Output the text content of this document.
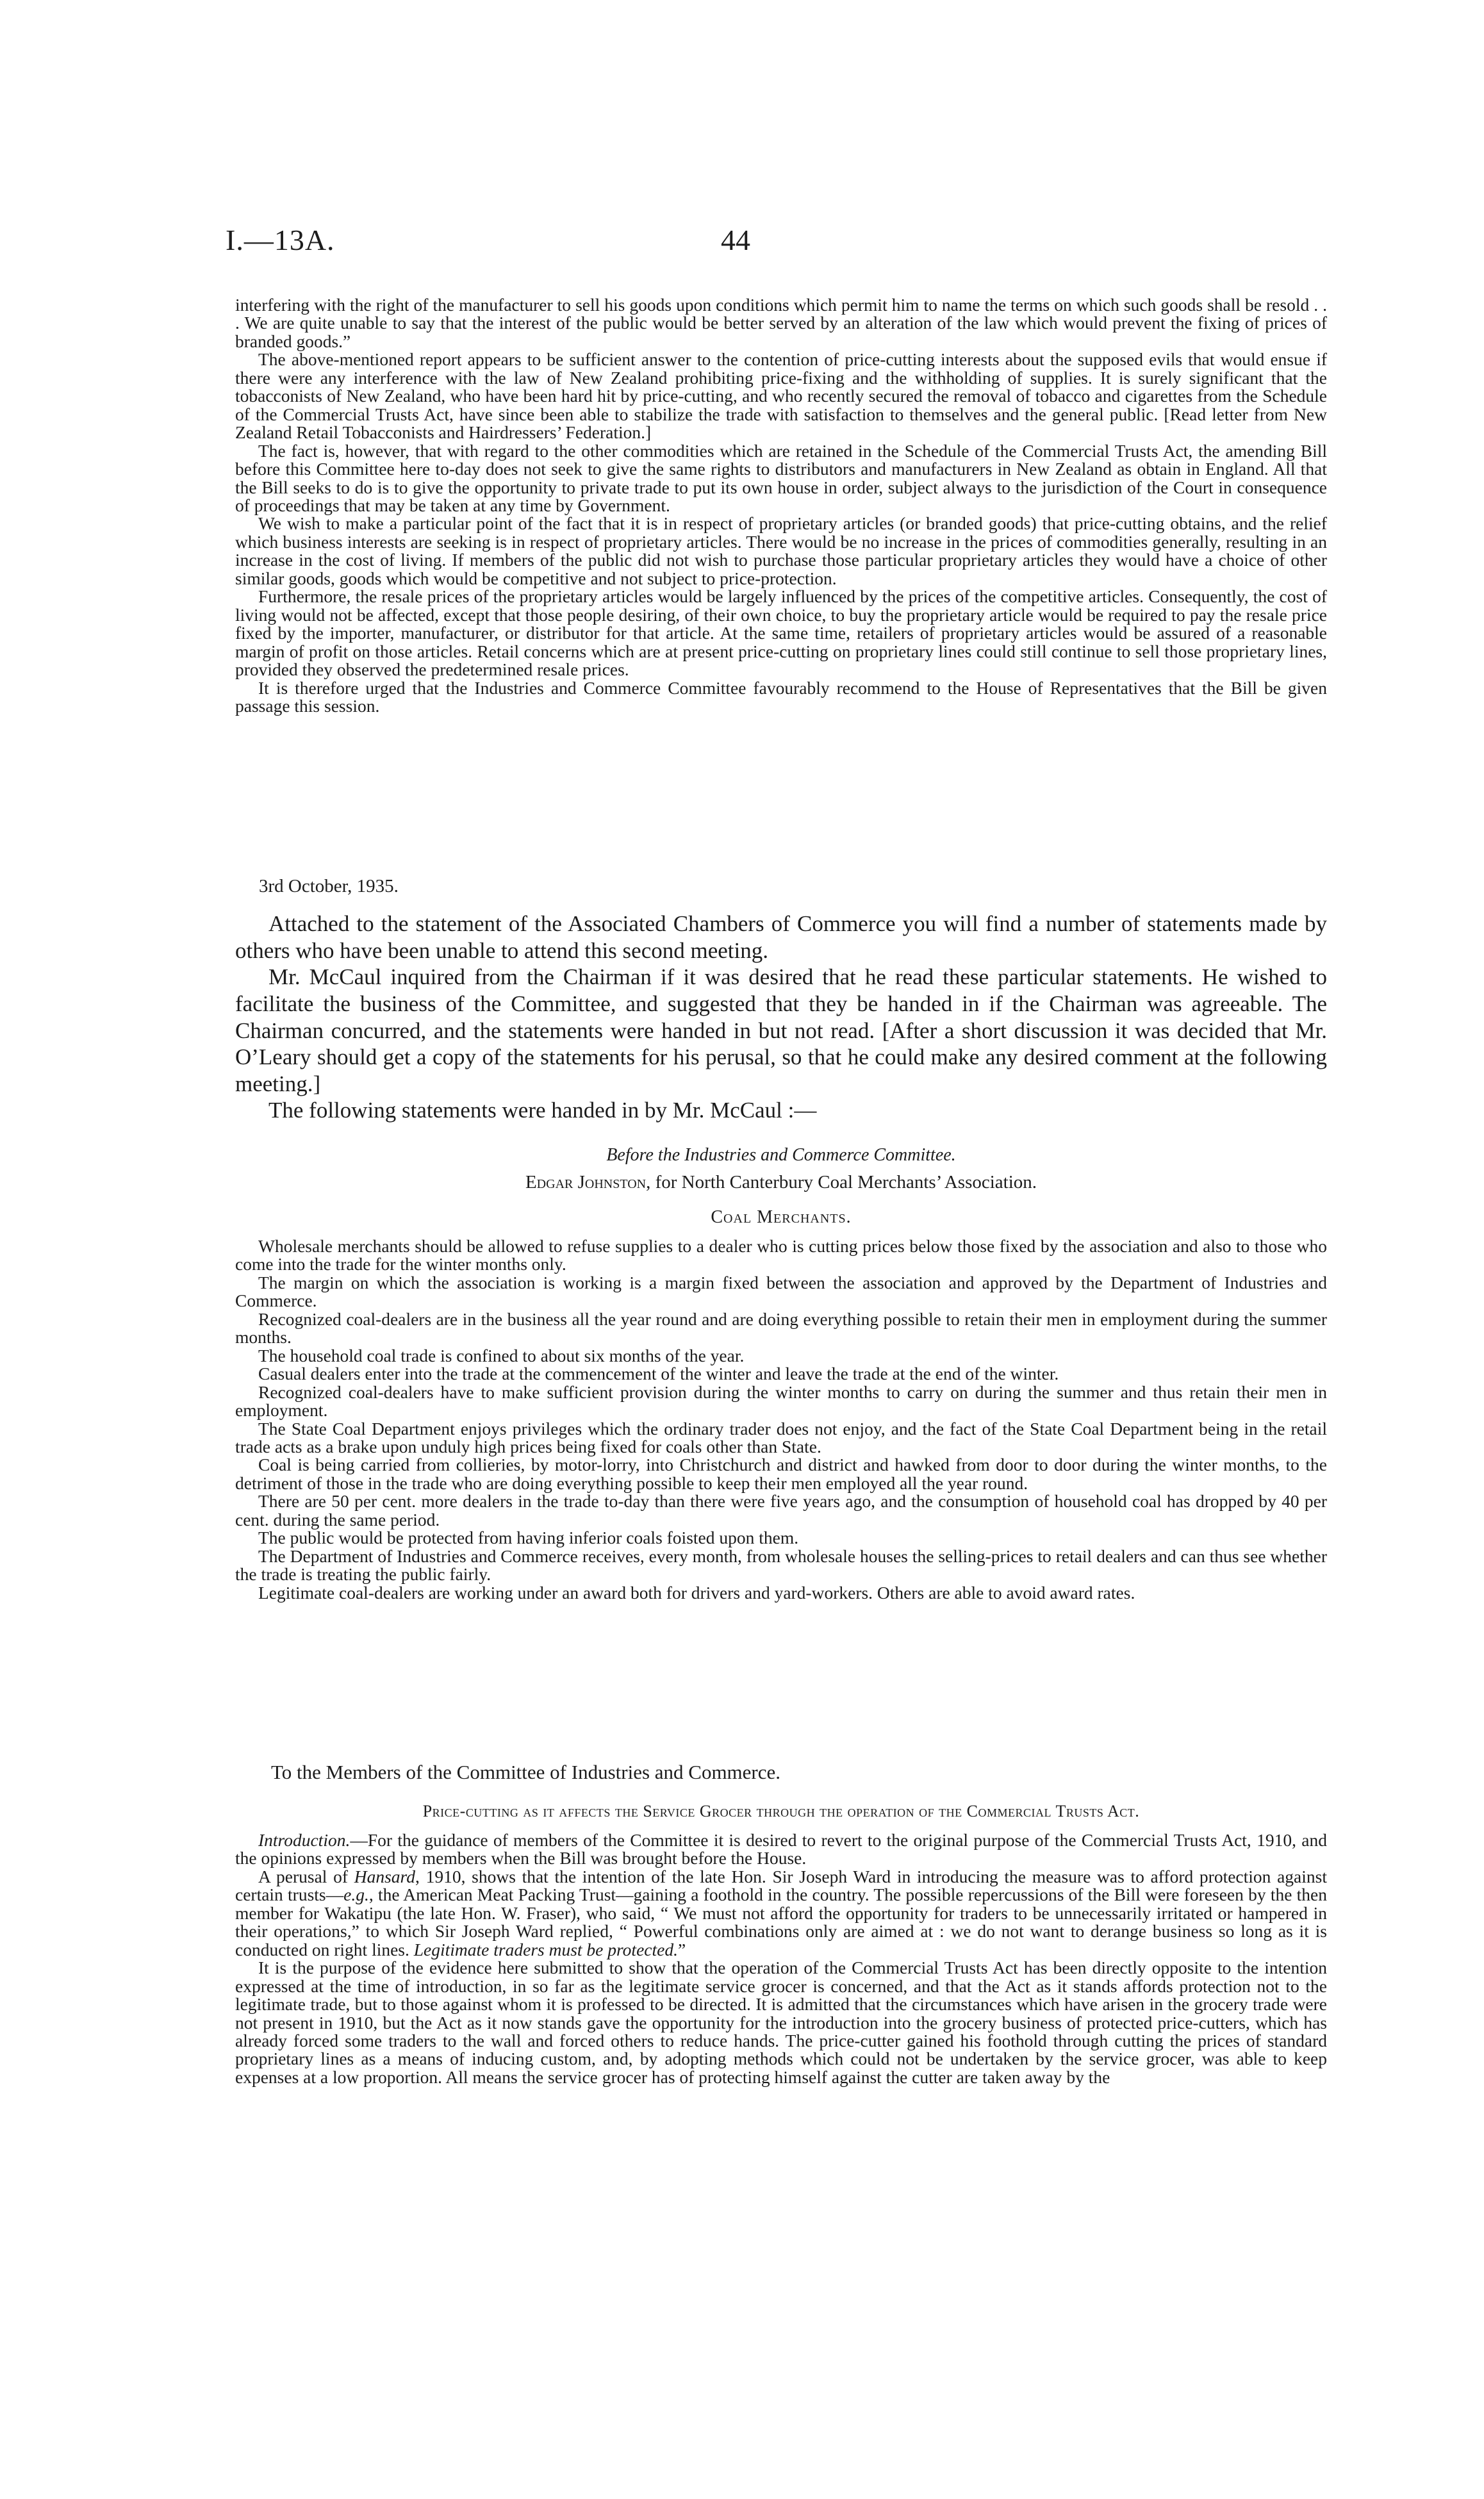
I.—13A.	44

interfering with the right of the manufacturer to sell his goods upon conditions which permit him to name the terms on which such goods shall be resold . . . We are quite unable to say that the interest of the public would be better served by an alteration of the law which would prevent the fixing of prices of branded goods.”

The above-mentioned report appears to be sufficient answer to the contention of price-cutting interests about the supposed evils that would ensue if there were any interference with the law of New Zealand prohibiting price-fixing and the withholding of supplies. It is surely significant that the tobacconists of New Zealand, who have been hard hit by price-cutting, and who recently secured the removal of tobacco and cigarettes from the Schedule of the Commercial Trusts Act, have since been able to stabilize the trade with satisfaction to themselves and the general public. [Read letter from New Zealand Retail Tobacconists and Hairdressers’ Federation.]

The fact is, however, that with regard to the other commodities which are retained in the Schedule of the Commercial Trusts Act, the amending Bill before this Committee here to-day does not seek to give the same rights to distributors and manufacturers in New Zealand as obtain in England. All that the Bill seeks to do is to give the opportunity to private trade to put its own house in order, subject always to the jurisdiction of the Court in consequence of proceedings that may be taken at any time by Government.

We wish to make a particular point of the fact that it is in respect of proprietary articles (or branded goods) that price-cutting obtains, and the relief which business interests are seeking is in respect of proprietary articles. There would be no increase in the prices of commodities generally, resulting in an increase in the cost of living. If members of the public did not wish to purchase those particular proprietary articles they would have a choice of other similar goods, goods which would be competitive and not subject to price-protection.

Furthermore, the resale prices of the proprietary articles would be largely influenced by the prices of the competitive articles. Consequently, the cost of living would not be affected, except that those people desiring, of their own choice, to buy the proprietary article would be required to pay the resale price fixed by the importer, manufacturer, or distributor for that article. At the same time, retailers of proprietary articles would be assured of a reasonable margin of profit on those articles. Retail concerns which are at present price-cutting on proprietary lines could still continue to sell those proprietary lines, provided they observed the predetermined resale prices.

It is therefore urged that the Industries and Commerce Committee favourably recommend to the House of Representatives that the Bill be given passage this session.

3rd October, 1935.

Attached to the statement of the Associated Chambers of Commerce you will find a number of statements made by others who have been unable to attend this second meeting.

Mr. McCaul inquired from the Chairman if it was desired that he read these particular statements. He wished to facilitate the business of the Committee, and suggested that they be handed in if the Chairman was agreeable. The Chairman concurred, and the statements were handed in but not read. [After a short discussion it was decided that Mr. O’Leary should get a copy of the statements for his perusal, so that he could make any desired comment at the following meeting.]

The following statements were handed in by Mr. McCaul :—

Before the Industries and Commerce Committee.
Edgar Johnston, for North Canterbury Coal Merchants’ Association.
Coal Merchants.

Wholesale merchants should be allowed to refuse supplies to a dealer who is cutting prices below those fixed by the association and also to those who come into the trade for the winter months only.

The margin on which the association is working is a margin fixed between the association and approved by the Department of Industries and Commerce.

Recognized coal-dealers are in the business all the year round and are doing everything possible to retain their men in employment during the summer months.

The household coal trade is confined to about six months of the year.

Casual dealers enter into the trade at the commencement of the winter and leave the trade at the end of the winter.

Recognized coal-dealers have to make sufficient provision during the winter months to carry on during the summer and thus retain their men in employment.

The State Coal Department enjoys privileges which the ordinary trader does not enjoy, and the fact of the State Coal Department being in the retail trade acts as a brake upon unduly high prices being fixed for coals other than State.

Coal is being carried from collieries, by motor-lorry, into Christchurch and district and hawked from door to door during the winter months, to the detriment of those in the trade who are doing everything possible to keep their men employed all the year round.

There are 50 per cent. more dealers in the trade to-day than there were five years ago, and the consumption of household coal has dropped by 40 per cent. during the same period.

The public would be protected from having inferior coals foisted upon them.

The Department of Industries and Commerce receives, every month, from wholesale houses the selling-prices to retail dealers and can thus see whether the trade is treating the public fairly.

Legitimate coal-dealers are working under an award both for drivers and yard-workers. Others are able to avoid award rates.

To the Members of the Committee of Industries and Commerce.
Price-cutting as it affects the Service Grocer through the operation of the Commercial Trusts Act.

Introduction.—For the guidance of members of the Committee it is desired to revert to the original purpose of the Commercial Trusts Act, 1910, and the opinions expressed by members when the Bill was brought before the House.

A perusal of Hansard, 1910, shows that the intention of the late Hon. Sir Joseph Ward in introducing the measure was to afford protection against certain trusts—e.g., the American Meat Packing Trust—gaining a foothold in the country. The possible repercussions of the Bill were foreseen by the then member for Wakatipu (the late Hon. W. Fraser), who said, “ We must not afford the opportunity for traders to be unnecessarily irritated or hampered in their operations,” to which Sir Joseph Ward replied, “ Powerful combinations only are aimed at : we do not want to derange business so long as it is conducted on right lines. Legitimate traders must be protected.”

It is the purpose of the evidence here submitted to show that the operation of the Commercial Trusts Act has been directly opposite to the intention expressed at the time of introduction, in so far as the legitimate service grocer is concerned, and that the Act as it stands affords protection not to the legitimate trade, but to those against whom it is professed to be directed. It is admitted that the circumstances which have arisen in the grocery trade were not present in 1910, but the Act as it now stands gave the opportunity for the introduction into the grocery business of protected price-cutters, which has already forced some traders to the wall and forced others to reduce hands. The price-cutter gained his foothold through cutting the prices of standard proprietary lines as a means of inducing custom, and, by adopting methods which could not be undertaken by the service grocer, was able to keep expenses at a low proportion. All means the service grocer has of protecting himself against the cutter are taken away by the
